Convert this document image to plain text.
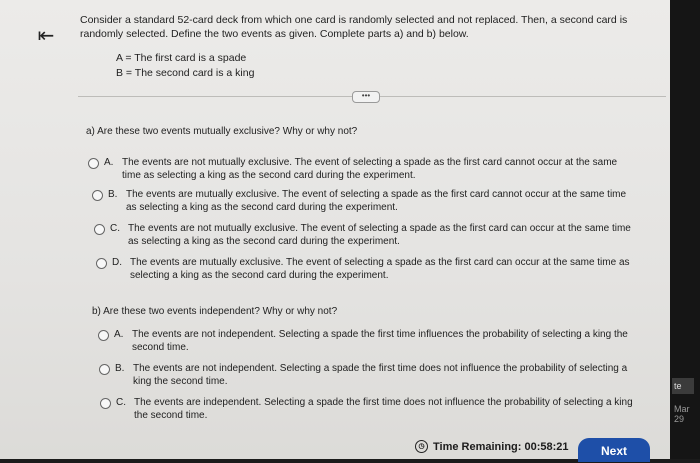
⇤
Consider a standard 52-card deck from which one card is randomly selected and not replaced. Then, a second card is randomly selected. Define the two events as given. Complete parts a) and b) below.
A = The first card is a spade
B = The second card is a king
•••
a) Are these two events mutually exclusive? Why or why not?
A. The events are not mutually exclusive. The event of selecting a spade as the first card cannot occur at the same time as selecting a king as the second card during the experiment.
B. The events are mutually exclusive. The event of selecting a spade as the first card cannot occur at the same time as selecting a king as the second card during the experiment.
C. The events are not mutually exclusive. The event of selecting a spade as the first card can occur at the same time as selecting a king as the second card during the experiment.
D. The events are mutually exclusive. The event of selecting a spade as the first card can occur at the same time as selecting a king as the second card during the experiment.
b) Are these two events independent? Why or why not?
A. The events are not independent. Selecting a spade the first time influences the probability of selecting a king the second time.
B. The events are not independent. Selecting a spade the first time does not influence the probability of selecting a king the second time.
C. The events are independent. Selecting a spade the first time does not influence the probability of selecting a king the second time.
◷ Time Remaining: 00:58:21	Next
te
Mar 29
